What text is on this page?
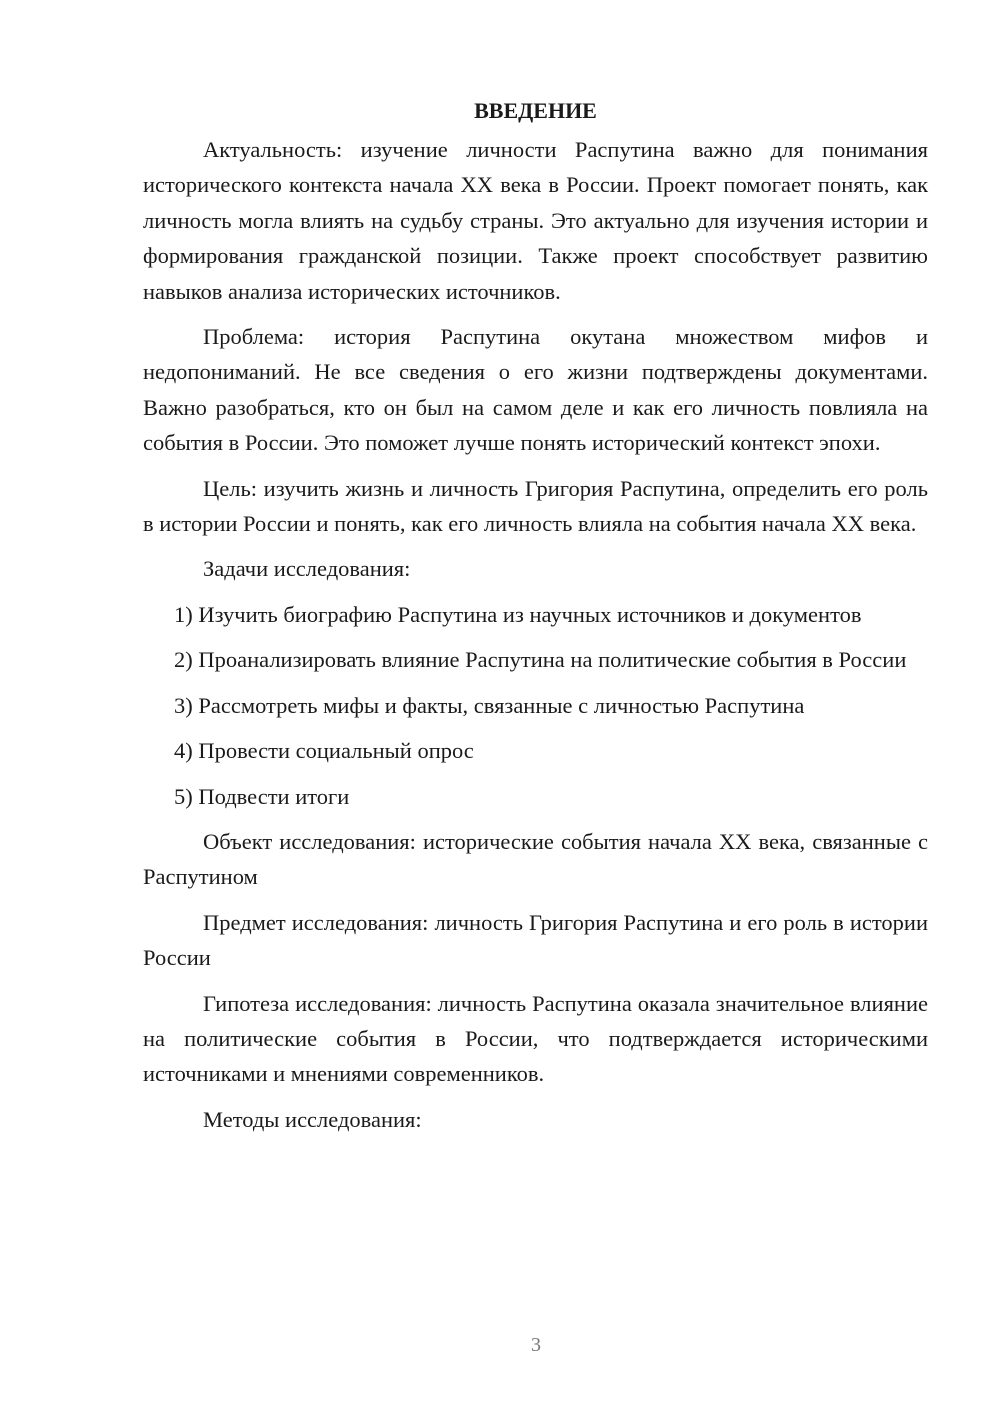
ВВЕДЕНИЕ

Актуальность: изучение личности Распутина важно для понимания исторического контекста начала XX века в России. Проект помогает понять, как личность могла влиять на судьбу страны. Это актуально для изучения истории и формирования гражданской позиции. Также проект способствует развитию навыков анализа исторических источников.

Проблема: история Распутина окутана множеством мифов и недопониманий. Не все сведения о его жизни подтверждены документами. Важно разобраться, кто он был на самом деле и как его личность повлияла на события в России. Это поможет лучше понять исторический контекст эпохи.

Цель: изучить жизнь и личность Григория Распутина, определить его роль в истории России и понять, как его личность влияла на события начала XX века.

Задачи исследования:

1) Изучить биографию Распутина из научных источников и документов

2) Проанализировать влияние Распутина на политические события в России

3) Рассмотреть мифы и факты, связанные с личностью Распутина

4) Провести социальный опрос

5) Подвести итоги

Объект исследования: исторические события начала XX века, связанные с Распутином

Предмет исследования: личность Григория Распутина и его роль в истории России

Гипотеза исследования: личность Распутина оказала значительное влияние на политические события в России, что подтверждается историческими источниками и мнениями современников.

Методы исследования:

3
